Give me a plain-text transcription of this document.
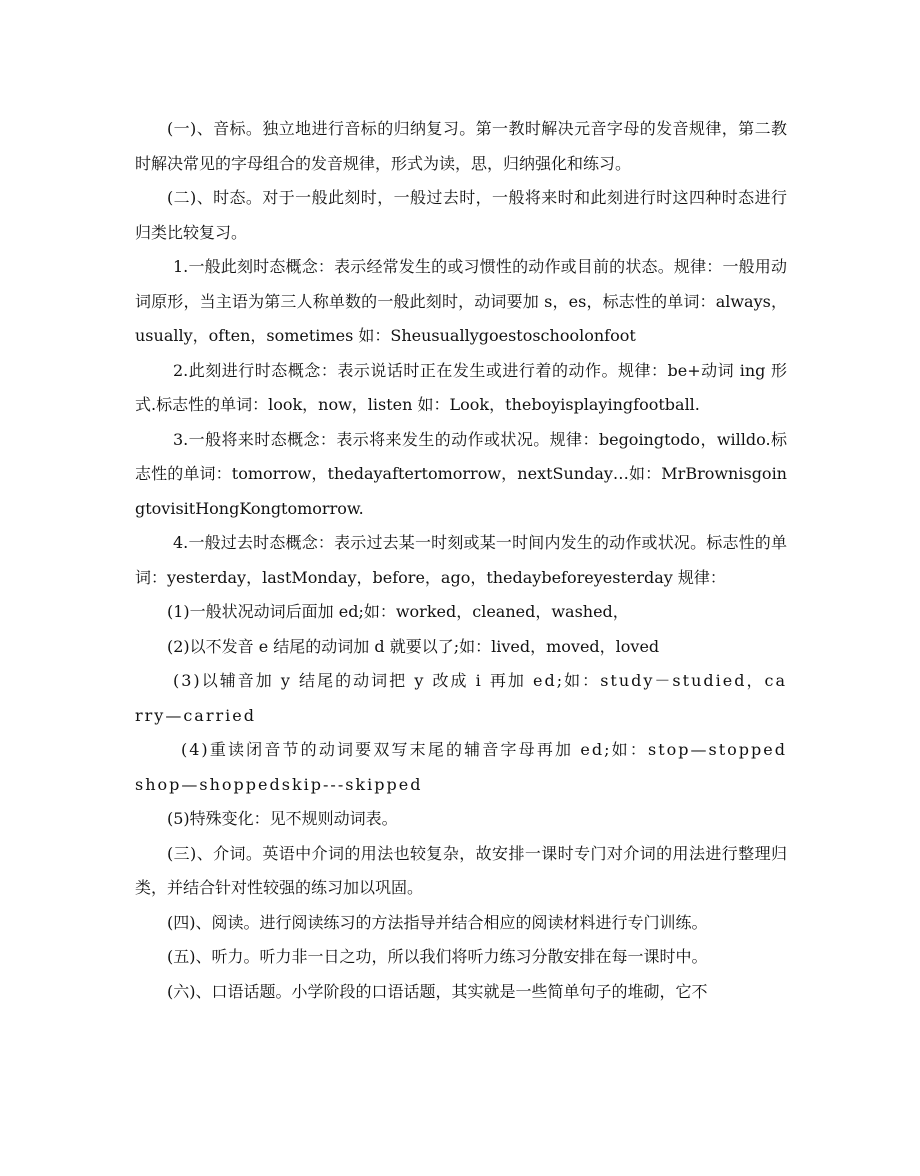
(一)、音标。独立地进行音标的归纳复习。第一教时解决元音字母的发音规律，第二教时解决常见的字母组合的发音规律，形式为读，思，归纳强化和练习。

(二)、时态。对于一般此刻时，一般过去时，一般将来时和此刻进行时这四种时态进行归类比较复习。

1.一般此刻时态概念：表示经常发生的或习惯性的动作或目前的状态。规律：一般用动词原形，当主语为第三人称单数的一般此刻时，动词要加 s，es，标志性的单词：always，usually，often，sometimes 如：Sheusuallygoestoschoolonfoot

2.此刻进行时态概念：表示说话时正在发生或进行着的动作。规律：be+动词 ing 形式.标志性的单词：look，now，listen 如：Look，theboyisplayingfootball.

3.一般将来时态概念：表示将来发生的动作或状况。规律：begoingtodo，willdo.标志性的单词：tomorrow，thedayaftertomorrow，nextSunday…如：MrBrownisgoingtovisitHongKongtomorrow.

4.一般过去时态概念：表示过去某一时刻或某一时间内发生的动作或状况。标志性的单词：yesterday，lastMonday，before，ago，thedaybeforeyesterday 规律：

(1)一般状况动词后面加 ed;如：worked，cleaned，washed，

(2)以不发音 e 结尾的动词加 d 就要以了;如：lived，moved，loved

(3)以辅音加 y 结尾的动词把 y 改成 i 再加 ed;如：study－studied，carry—carried

(4)重读闭音节的动词要双写末尾的辅音字母再加 ed;如：stop—stoppedshop—shoppedskip---skipped

(5)特殊变化：见不规则动词表。

(三)、介词。英语中介词的用法也较复杂，故安排一课时专门对介词的用法进行整理归类，并结合针对性较强的练习加以巩固。

(四)、阅读。进行阅读练习的方法指导并结合相应的阅读材料进行专门训练。

(五)、听力。听力非一日之功，所以我们将听力练习分散安排在每一课时中。

(六)、口语话题。小学阶段的口语话题，其实就是一些简单句子的堆砌，它不
